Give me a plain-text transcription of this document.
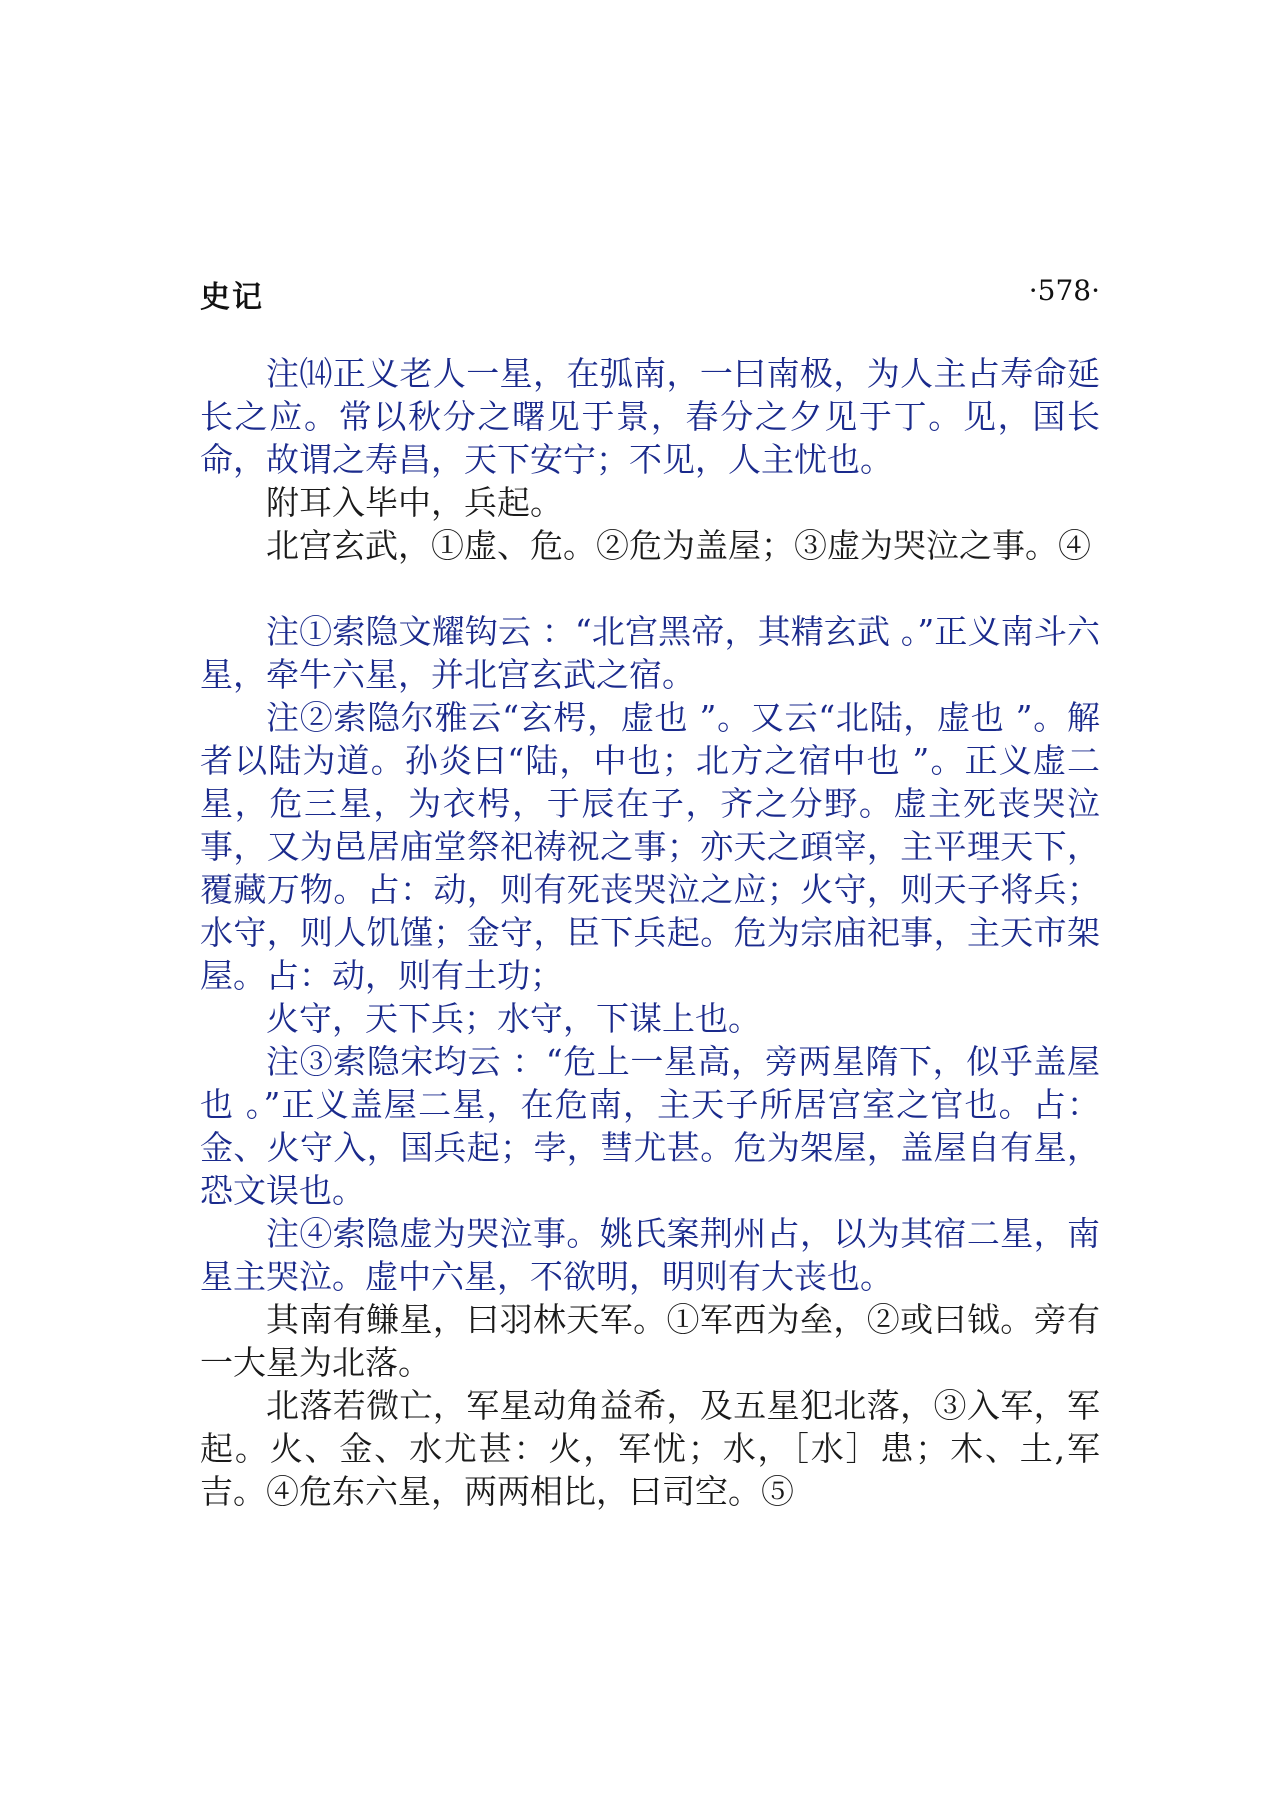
史记	·578·

注⒁正义老人一星，在弧南，一曰南极，为人主占寿命延长之应。常以秋分之曙见于景，春分之夕见于丁。见，国长命，故谓之寿昌，天下安宁；不见，人主忧也。

附耳入毕中，兵起。

北宫玄武，①虚、危。②危为盖屋；③虚为哭泣之事。④

注①索隐文耀钩云 ：“北宫黑帝，其精玄武 。”正义南斗六星，牵牛六星，并北宫玄武之宿。

注②索隐尔雅云“玄枵，虚也 ”。又云“北陆，虚也 ”。解者以陆为道。孙炎曰“陆，中也；北方之宿中也 ”。正义虚二星，危三星，为衣枵，于辰在子，齐之分野。虚主死丧哭泣事，又为邑居庙堂祭祀祷祝之事；亦天之頙宰，主平理天下，覆藏万物。占：动，则有死丧哭泣之应；火守，则天子将兵；水守，则人饥馑；金守，臣下兵起。危为宗庙祀事，主天市架屋。占：动，则有土功；

火守，天下兵；水守，下谋上也。

注③索隐宋均云 ：“危上一星高，旁两星隋下，似乎盖屋也 。”正义盖屋二星，在危南，主天子所居宫室之官也。占：金、火守入，国兵起；孛，彗尤甚。危为架屋，盖屋自有星，恐文误也。

注④索隐虚为哭泣事。姚氏案荆州占，以为其宿二星，南星主哭泣。虚中六星，不欲明，明则有大丧也。

其南有鳒星，曰羽林天军。①军西为垒，②或曰钺。旁有一大星为北落。

北落若微亡，军星动角益希，及五星犯北落，③入军，军起。火、金、水尤甚：火，军忧；水，［水］患；木、土,军吉。④危东六星，两两相比，曰司空。⑤
